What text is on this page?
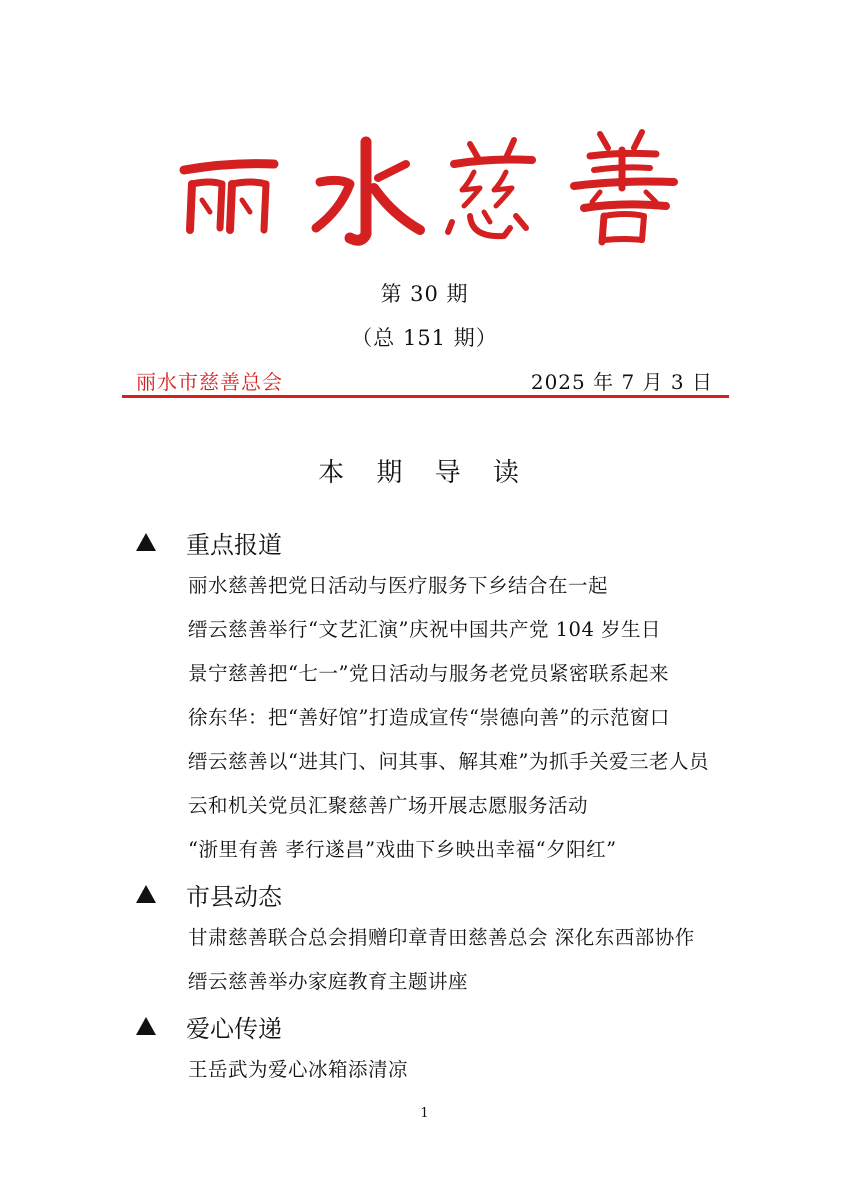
第 30 期
（总 151 期）
丽水市慈善总会	2025 年 7 月 3 日
本 期 导 读
重点报道
丽水慈善把党日活动与医疗服务下乡结合在一起
缙云慈善举行“文艺汇演”庆祝中国共产党 104 岁生日
景宁慈善把“七一”党日活动与服务老党员紧密联系起来
徐东华：把“善好馆”打造成宣传“崇德向善”的示范窗口
缙云慈善以“进其门、问其事、解其难”为抓手关爱三老人员
云和机关党员汇聚慈善广场开展志愿服务活动
“浙里有善 孝行遂昌”戏曲下乡映出幸福“夕阳红”
市县动态
甘肃慈善联合总会捐赠印章青田慈善总会 深化东西部协作
缙云慈善举办家庭教育主题讲座
爱心传递
王岳武为爱心冰箱添清凉
1
